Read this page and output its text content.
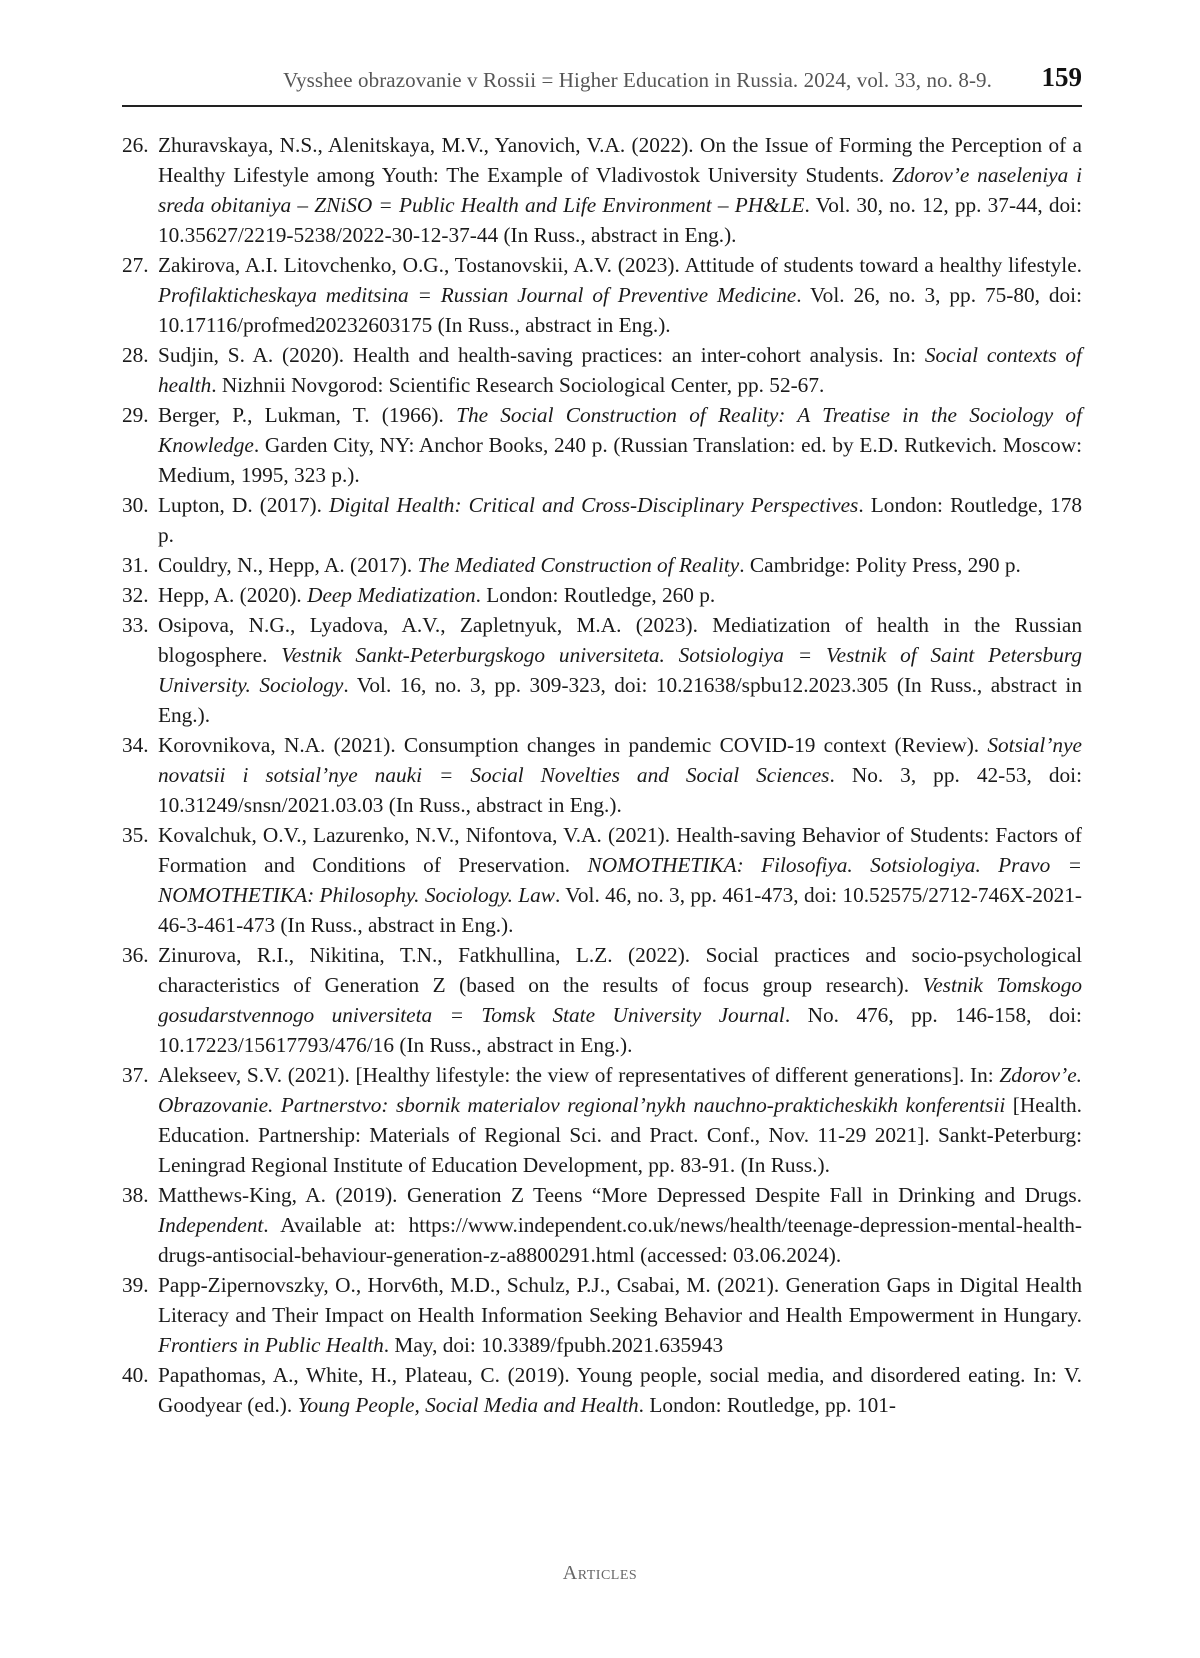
Vysshee obrazovanie v Rossii = Higher Education in Russia. 2024, vol. 33, no. 8-9. 159
26. Zhuravskaya, N.S., Alenitskaya, M.V., Yanovich, V.A. (2022). On the Issue of Forming the Perception of a Healthy Lifestyle among Youth: The Example of Vladivostok University Students. Zdorov’e naseleniya i sreda obitaniya – ZNiSO = Public Health and Life Environment – PH&LE. Vol. 30, no. 12, pp. 37-44, doi: 10.35627/2219-5238/2022-30-12-37-44 (In Russ., abstract in Eng.).
27. Zakirova, A.I. Litovchenko, O.G., Tostanovskii, A.V. (2023). Attitude of students toward a healthy lifestyle. Profilakticheskaya meditsina = Russian Journal of Preventive Medicine. Vol. 26, no. 3, pp. 75-80, doi: 10.17116/profmed20232603175 (In Russ., abstract in Eng.).
28. Sudjin, S. A. (2020). Health and health-saving practices: an inter-cohort analysis. In: Social contexts of health. Nizhnii Novgorod: Scientific Research Sociological Center, pp. 52-67.
29. Berger, P., Lukman, T. (1966). The Social Construction of Reality: A Treatise in the Sociology of Knowledge. Garden City, NY: Anchor Books, 240 p. (Russian Translation: ed. by E.D. Rutkevich. Moscow: Medium, 1995, 323 p.).
30. Lupton, D. (2017). Digital Health: Critical and Cross-Disciplinary Perspectives. London: Routledge, 178 p.
31. Couldry, N., Hepp, A. (2017). The Mediated Construction of Reality. Cambridge: Polity Press, 290 p.
32. Hepp, A. (2020). Deep Mediatization. London: Routledge, 260 p.
33. Osipova, N.G., Lyadova, A.V., Zapletnyuk, M.A. (2023). Mediatization of health in the Russian blogosphere. Vestnik Sankt-Peterburgskogo universiteta. Sotsiologiya = Vestnik of Saint Petersburg University. Sociology. Vol. 16, no. 3, pp. 309-323, doi: 10.21638/spbu12.2023.305 (In Russ., abstract in Eng.).
34. Korovnikova, N.A. (2021). Consumption changes in pandemic COVID-19 context (Review). Sotsial’nye novatsii i sotsial’nye nauki = Social Novelties and Social Sciences. No. 3, pp. 42-53, doi: 10.31249/snsn/2021.03.03 (In Russ., abstract in Eng.).
35. Kovalchuk, O.V., Lazurenko, N.V., Nifontova, V.A. (2021). Health-saving Behavior of Students: Factors of Formation and Conditions of Preservation. NOMOTHETIKA: Filosofiya. Sotsiologiya. Pravo = NOMOTHETIKA: Philosophy. Sociology. Law. Vol. 46, no. 3, pp. 461-473, doi: 10.52575/2712-746X-2021-46-3-461-473 (In Russ., abstract in Eng.).
36. Zinurova, R.I., Nikitina, T.N., Fatkhullina, L.Z. (2022). Social practices and socio-psychological characteristics of Generation Z (based on the results of focus group research). Vestnik Tomskogo gosudarstvennogo universiteta = Tomsk State University Journal. No. 476, pp. 146-158, doi: 10.17223/15617793/476/16 (In Russ., abstract in Eng.).
37. Alekseev, S.V. (2021). [Healthy lifestyle: the view of representatives of different generations]. In: Zdorov’e. Obrazovanie. Partnerstvo: sbornik materialov regional’nykh nauchno-prakticheskikh konferentsii [Health. Education. Partnership: Materials of Regional Sci. and Pract. Conf., Nov. 11-29 2021]. Sankt-Peterburg: Leningrad Regional Institute of Education Development, pp. 83-91. (In Russ.).
38. Matthews-King, A. (2019). Generation Z Teens “More Depressed Despite Fall in Drinking and Drugs. Independent. Available at: https://www.independent.co.uk/news/health/teenage-depression-mental-health-drugs-antisocial-behaviour-generation-z-a8800291.html (accessed: 03.06.2024).
39. Papp-Zipernovszky, O., Horv6th, M.D., Schulz, P.J., Csabai, M. (2021). Generation Gaps in Digital Health Literacy and Their Impact on Health Information Seeking Behavior and Health Empowerment in Hungary. Frontiers in Public Health. May, doi: 10.3389/fpubh.2021.635943
40. Papathomas, A., White, H., Plateau, C. (2019). Young people, social media, and disordered eating. In: V. Goodyear (ed.). Young People, Social Media and Health. London: Routledge, pp. 101-
Articles
